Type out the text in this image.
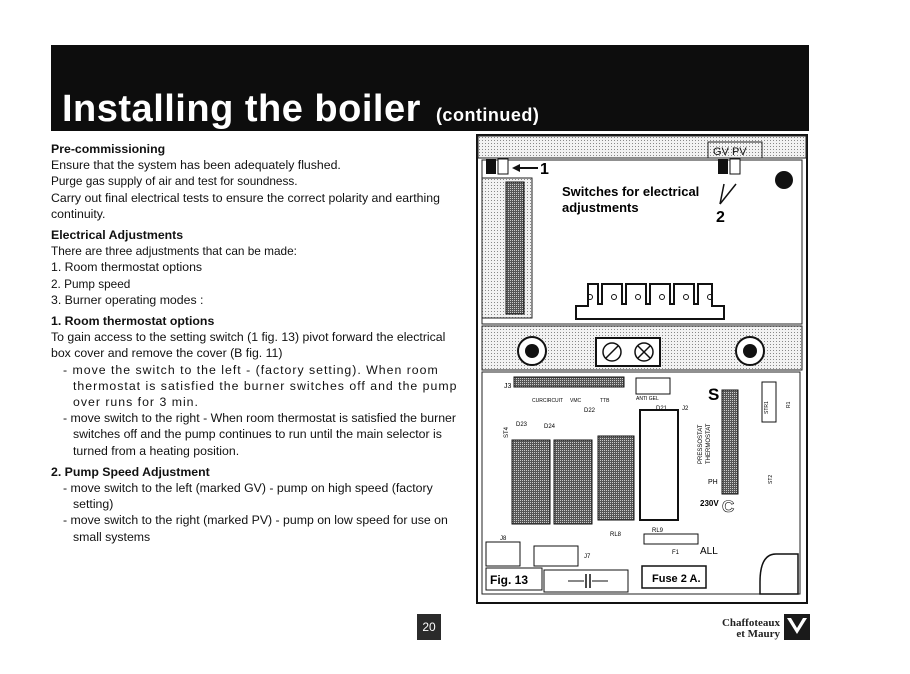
Installing the boiler (continued)
Pre-commissioning

Ensure that the system has been adequately flushed.

Purge gas supply of air and test for soundness.

Carry out final electrical tests to ensure the correct polarity and earthing continuity.

Electrical Adjustments

There are three adjustments that can be made:

1. Room thermostat options

2. Pump speed

3. Burner operating modes :

1. Room thermostat options

To gain access to the setting switch (1 fig. 13) pivot forward the electrical box cover and remove the cover (B fig. 11)

- move the switch to the left - (factory setting). When room thermostat is satisfied the burner switches off and the pump over runs for 3 min.

- move switch to the right - When room thermostat is satisfied the burner switches off and the pump continues to run until the main selector is turned from a heating position.

2. Pump Speed Adjustment

- move switch to the left (marked GV) - pump on high speed (factory setting)

- move switch to the right (marked PV) - pump on low speed for use on small systems

GV PV
1
2
Switches for electrical
adjustments
J3
CURCIRCUIT VMC	TTB	ANTI GEL
J2
D22
D23	D24
ST4
RL8
RL9
THERMOSTAT
PRESSOSTAT
PH
S
C
230V
STR1	R1
ST2
J8
J7
F1 ALL
Fig. 13	Fuse 2 A.
20	Chaffoteaux
et Maury
